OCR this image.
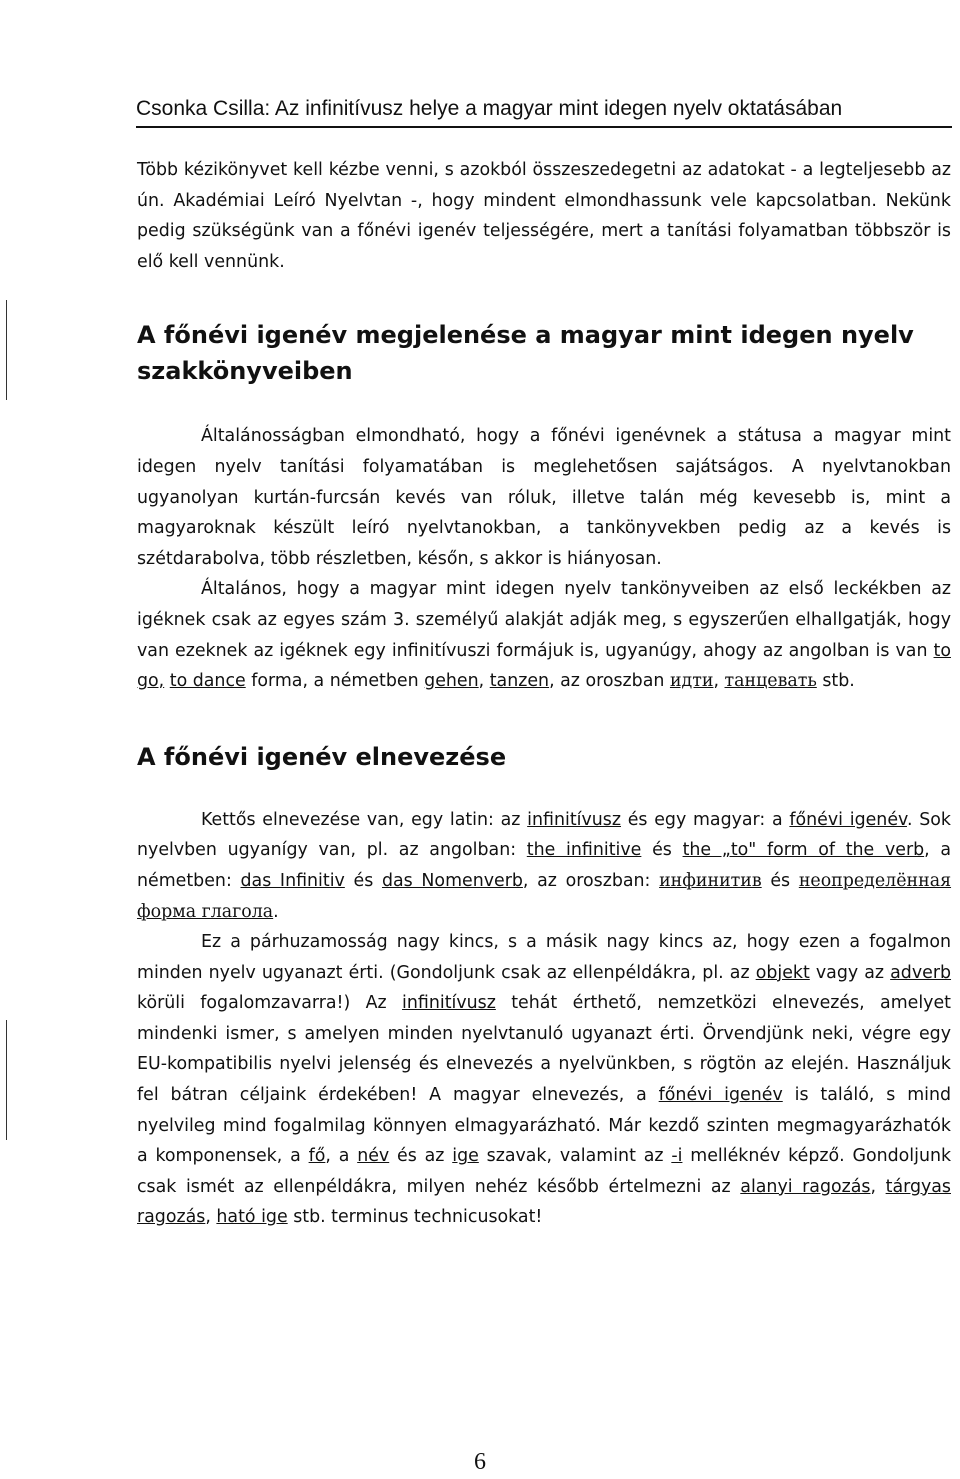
Csonka Csilla: Az infinitívusz helye a magyar mint idegen nyelv oktatásában

Több kézikönyvet kell kézbe venni, s azokból összeszedegetni az adatokat - a legteljesebb az ún. Akadémiai Leíró Nyelvtan -, hogy mindent elmondhassunk vele kapcsolatban. Nekünk pedig szükségünk van a főnévi igenév teljességére, mert a tanítási folyamatban többször is elő kell vennünk.

A főnévi igenév megjelenése a magyar mint idegen nyelv szakkönyveiben

Általánosságban elmondható, hogy a főnévi igenévnek a státusa a magyar mint idegen nyelv tanítási folyamatában is meglehetősen sajátságos. A nyelvtanokban ugyanolyan kurtán-furcsán kevés van róluk, illetve talán még kevesebb is, mint a magyaroknak készült leíró nyelvtanokban, a tankönyvekben pedig az a kevés is szétdarabolva, több részletben, későn, s akkor is hiányosan.

Általános, hogy a magyar mint idegen nyelv tankönyveiben az első leckékben az igéknek csak az egyes szám 3. személyű alakját adják meg, s egyszerűen elhallgatják, hogy van ezeknek az igéknek egy infinitívuszi formájuk is, ugyanúgy, ahogy az angolban is van to go, to dance forma, a németben gehen, tanzen, az oroszban идти, танцевать stb.

A főnévi igenév elnevezése

Kettős elnevezése van, egy latin: az infinitívusz és egy magyar: a főnévi igenév. Sok nyelvben ugyanígy van, pl. az angolban: the infinitive és the „to" form of the verb, a németben: das Infinitiv és das Nomenverb, az oroszban: инфинитив és неопределённая форма глагола.

Ez a párhuzamosság nagy kincs, s a másik nagy kincs az, hogy ezen a fogalmon minden nyelv ugyanazt érti. (Gondoljunk csak az ellenpéldákra, pl. az objekt vagy az adverb körüli fogalomzavarra!) Az infinitívusz tehát érthető, nemzetközi elnevezés, amelyet mindenki ismer, s amelyen minden nyelvtanuló ugyanazt érti. Örvendjünk neki, végre egy EU-kompatibilis nyelvi jelenség és elnevezés a nyelvünkben, s rögtön az elején. Használjuk fel bátran céljaink érdekében! A magyar elnevezés, a főnévi igenév is találó, s mind nyelvileg mind fogalmilag könnyen elmagyarázható. Már kezdő szinten megmagyarázhatók a komponensek, a fő, a név és az ige szavak, valamint az -i melléknév képző. Gondoljunk csak ismét az ellenpéldákra, milyen nehéz később értelmezni az alanyi ragozás, tárgyas ragozás, ható ige stb. terminus technicusokat!

6
